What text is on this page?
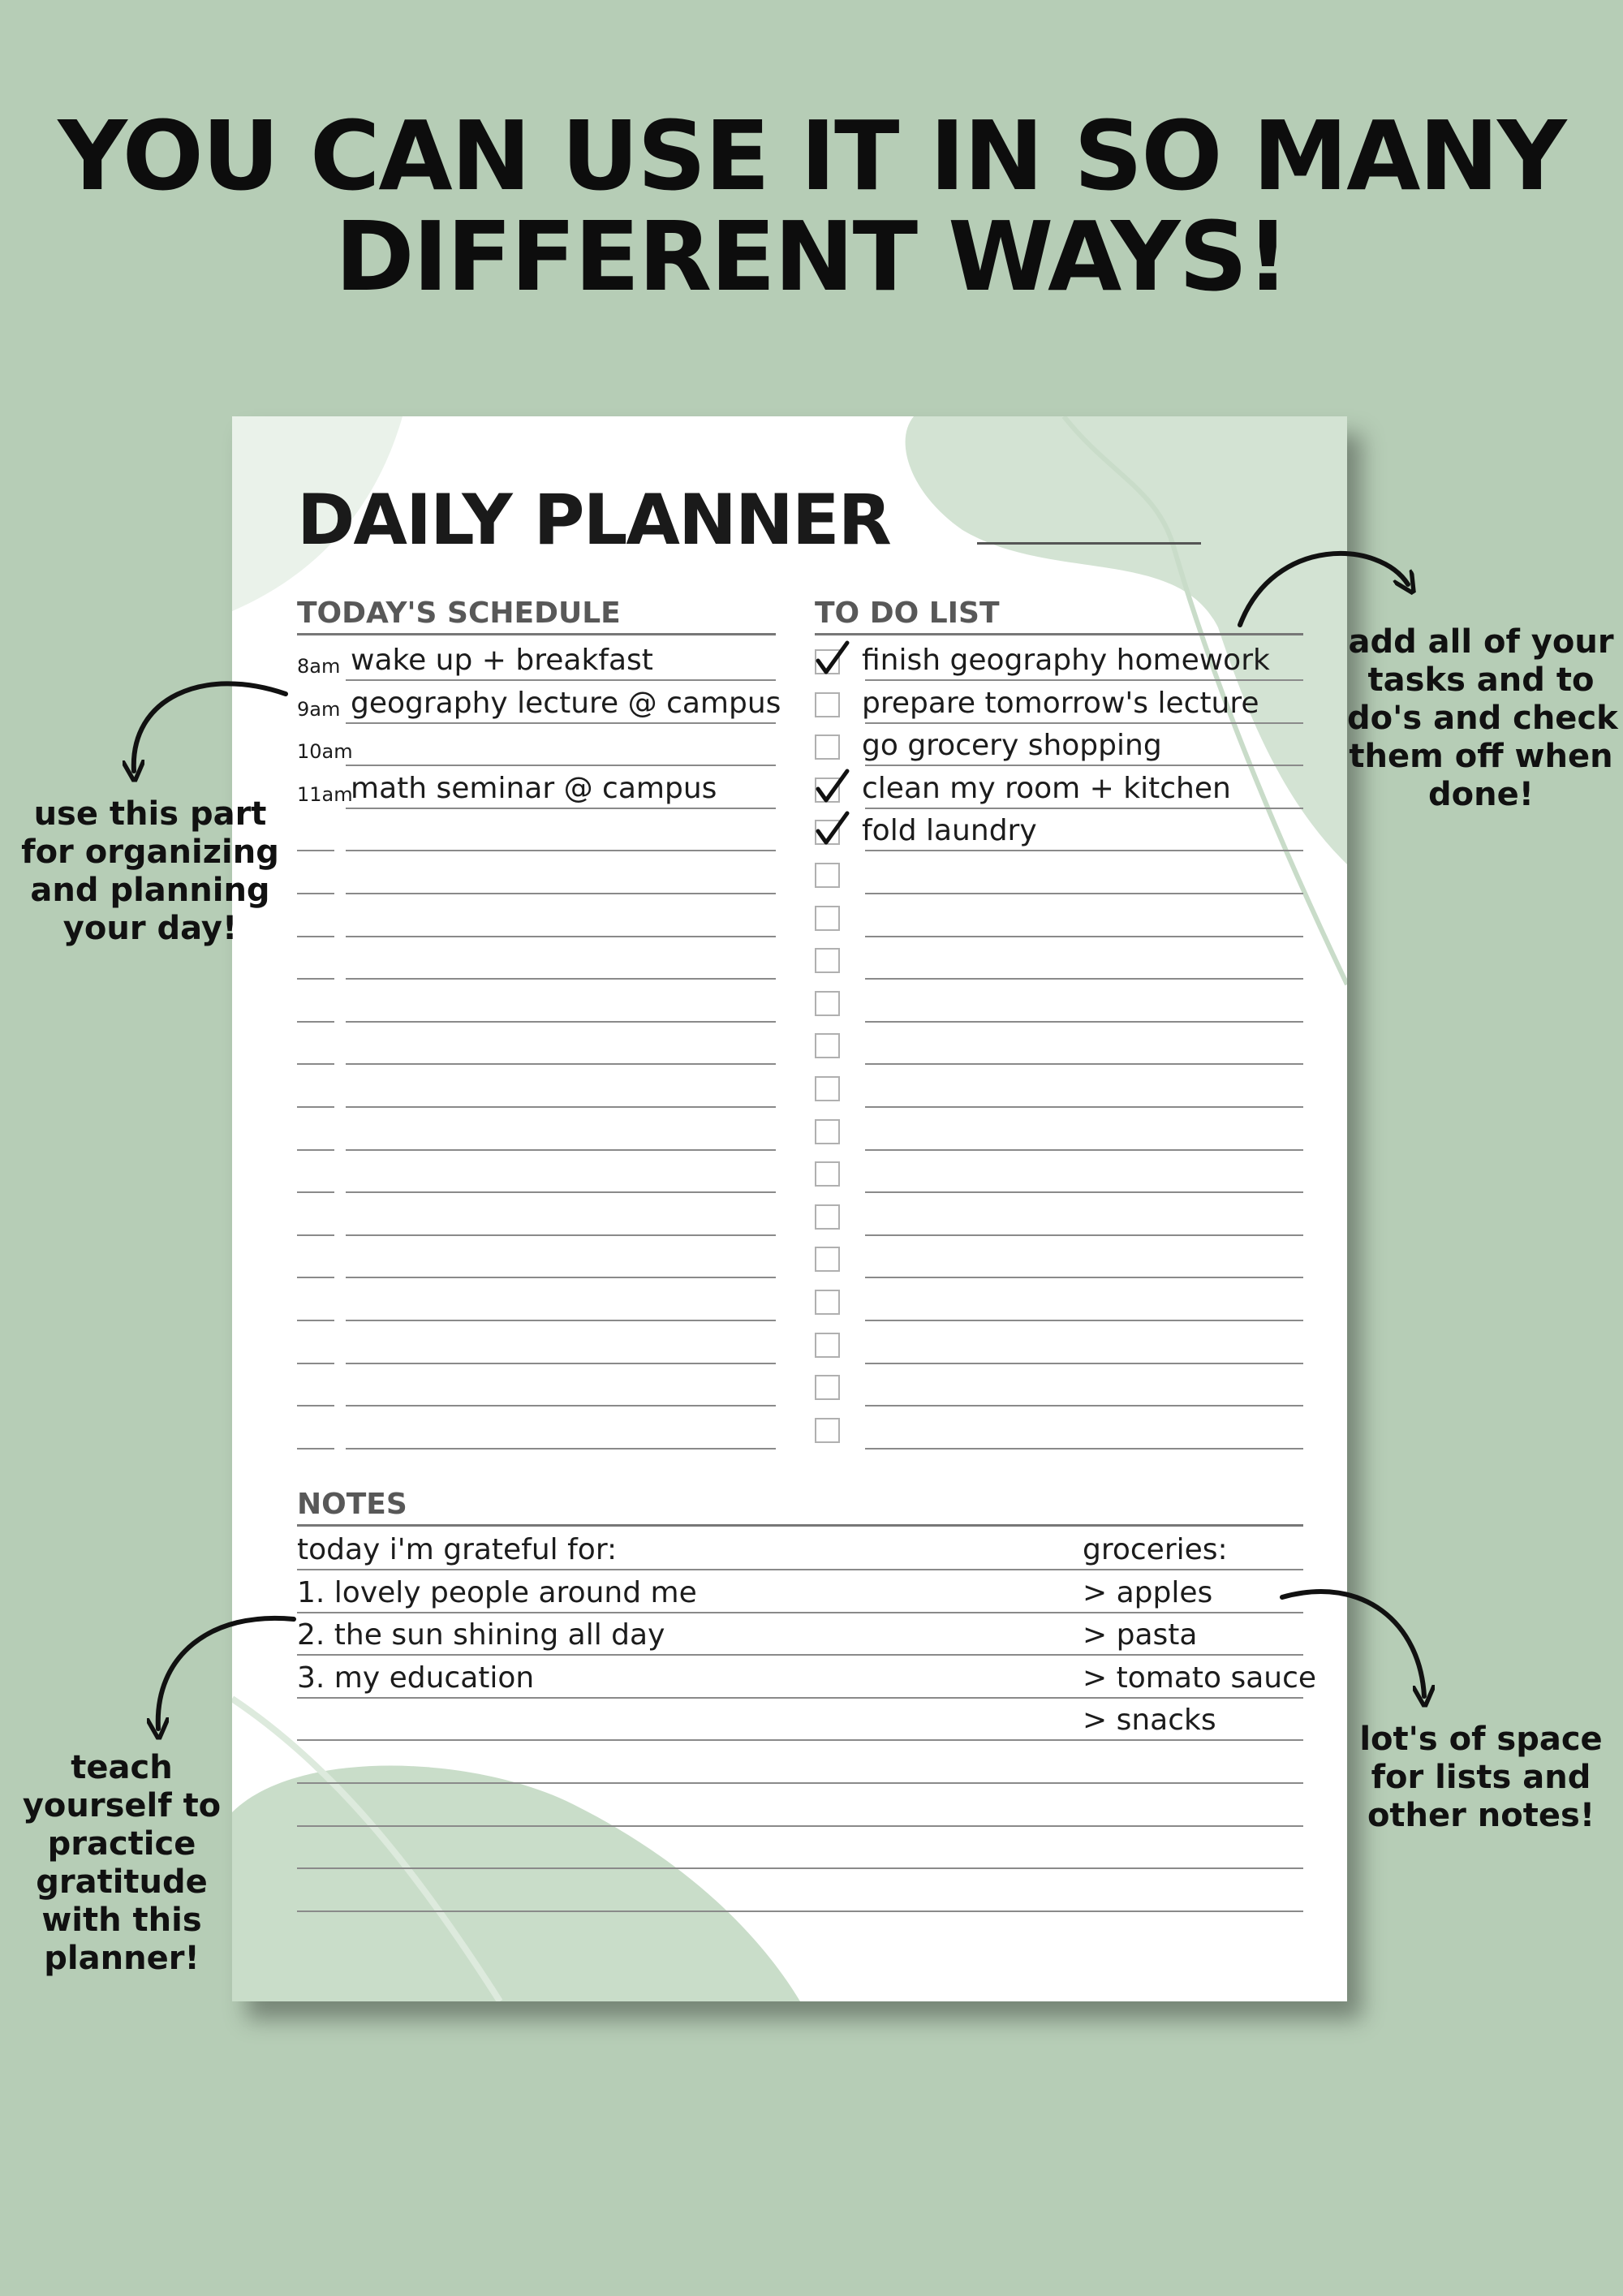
YOU CAN USE IT IN SO MANY
DIFFERENT WAYS!
DAILY PLANNER
TODAY'S SCHEDULE
8am wake up + breakfast
9am geography lecture @ campus
10am
11am
math seminar @ campus
TO DO LIST
finish geography homework
prepare tomorrow's lecture
go grocery shopping
clean my room + kitchen
fold laundry
NOTES
today i'm grateful for:
1. lovely people around me
2. the sun shining all day
3. my education
groceries:
> apples
> pasta
> tomato sauce
> snacks
use this part
for organizing
and planning
your day!
add all of your
tasks and to
do's and check
them off when
done!
teach
yourself to
practice
gratitude
with this
planner!
lot's of space
for lists and
other notes!
